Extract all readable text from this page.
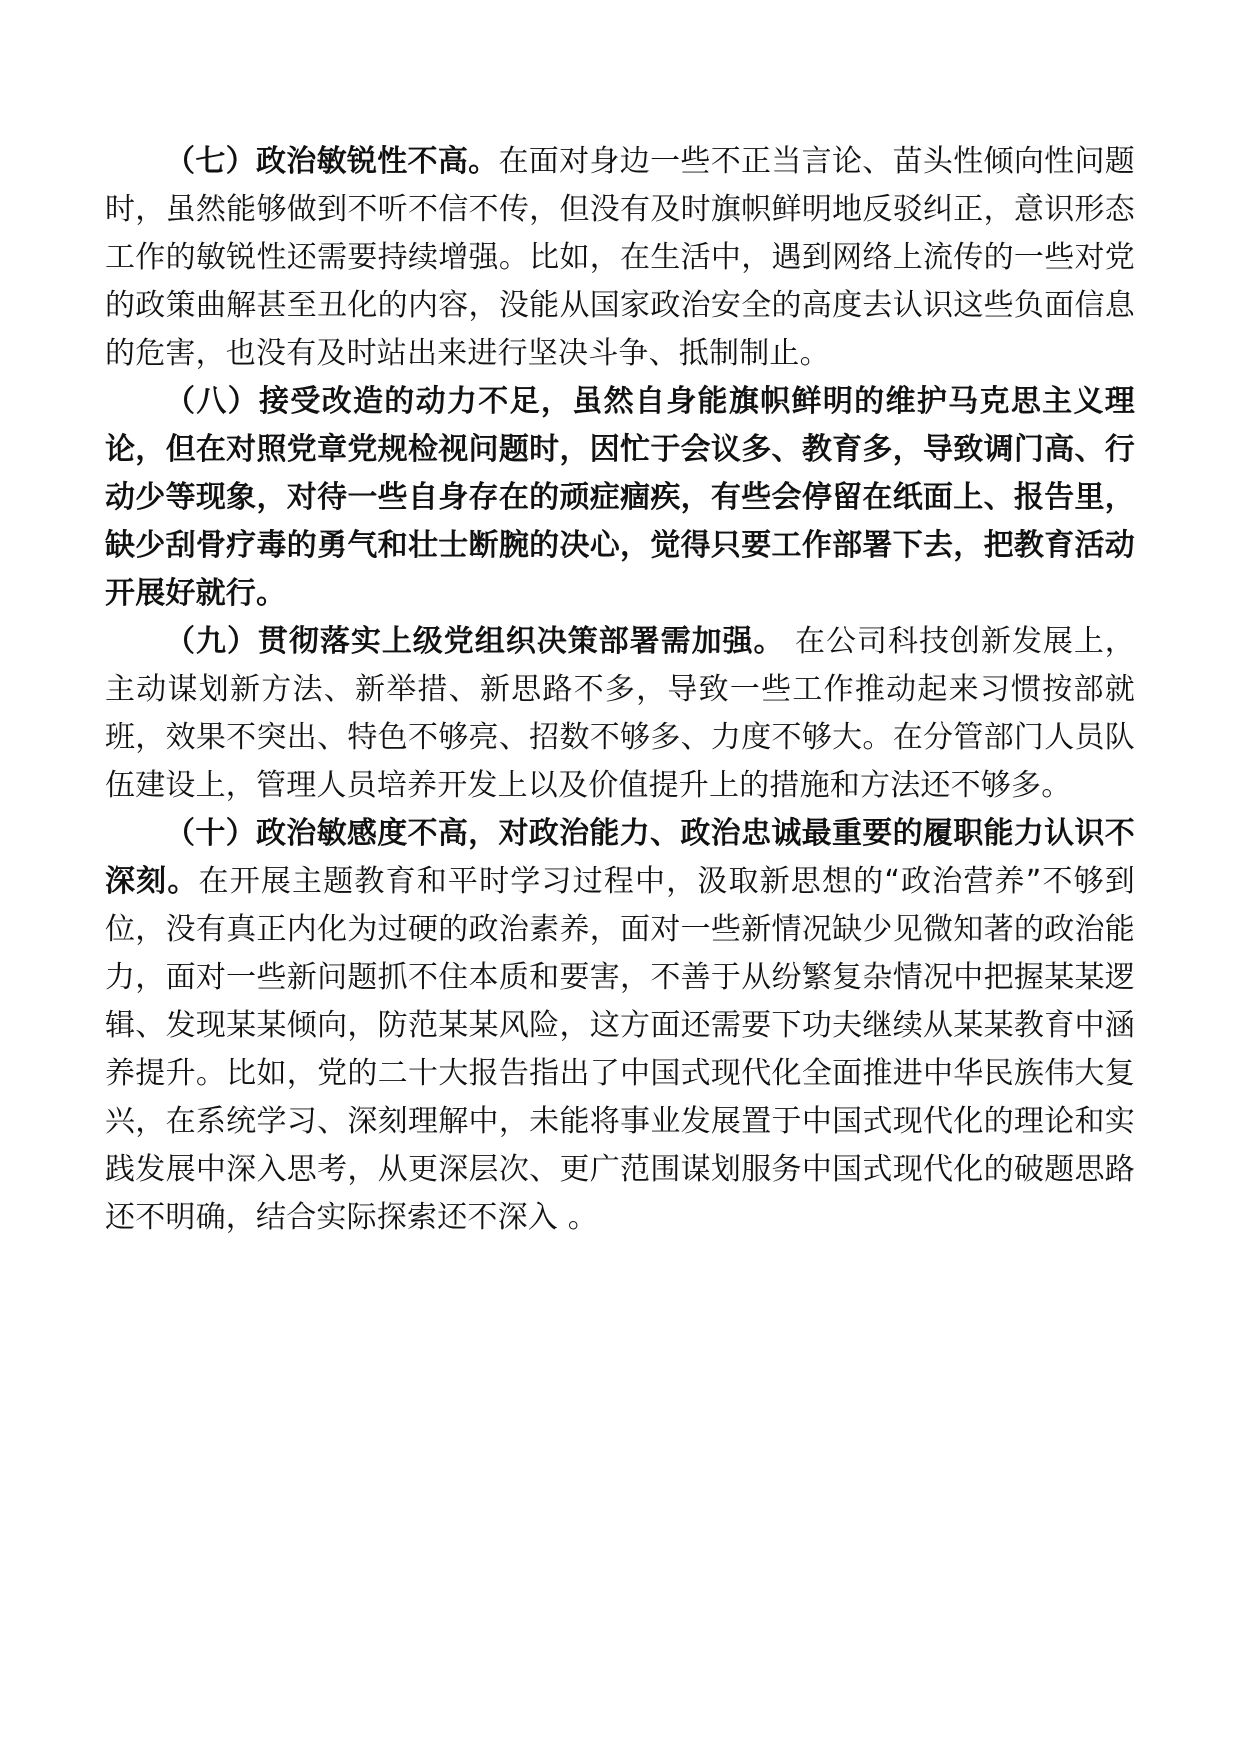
（七）政治敏锐性不高。在面对身边一些不正当言论、苗头性倾向性问题时，虽然能够做到不听不信不传，但没有及时旗帜鲜明地反驳纠正，意识形态工作的敏锐性还需要持续增强。比如，在生活中，遇到网络上流传的一些对党的政策曲解甚至丑化的内容，没能从国家政治安全的高度去认识这些负面信息的危害，也没有及时站出来进行坚决斗争、抵制制止。

（八）接受改造的动力不足，虽然自身能旗帜鲜明的维护马克思主义理论，但在对照党章党规检视问题时，因忙于会议多、教育多，导致调门高、行动少等现象，对待一些自身存在的顽症痼疾，有些会停留在纸面上、报告里，缺少刮骨疗毒的勇气和壮士断腕的决心，觉得只要工作部署下去，把教育活动开展好就行。

（九）贯彻落实上级党组织决策部署需加强。 在公司科技创新发展上，主动谋划新方法、新举措、新思路不多，导致一些工作推动起来习惯按部就班，效果不突出、特色不够亮、招数不够多、力度不够大。在分管部门人员队伍建设上，管理人员培养开发上以及价值提升上的措施和方法还不够多。

（十）政治敏感度不高，对政治能力、政治忠诚最重要的履职能力认识不深刻。在开展主题教育和平时学习过程中，汲取新思想的“政治营养”不够到位，没有真正内化为过硬的政治素养，面对一些新情况缺少见微知著的政治能力，面对一些新问题抓不住本质和要害，不善于从纷繁复杂情况中把握某某逻辑、发现某某倾向，防范某某风险，这方面还需要下功夫继续从某某教育中涵养提升。比如，党的二十大报告指出了中国式现代化全面推进中华民族伟大复兴，在系统学习、深刻理解中，未能将事业发展置于中国式现代化的理论和实践发展中深入思考，从更深层次、更广范围谋划服务中国式现代化的破题思路还不明确，结合实际探索还不深入 。
